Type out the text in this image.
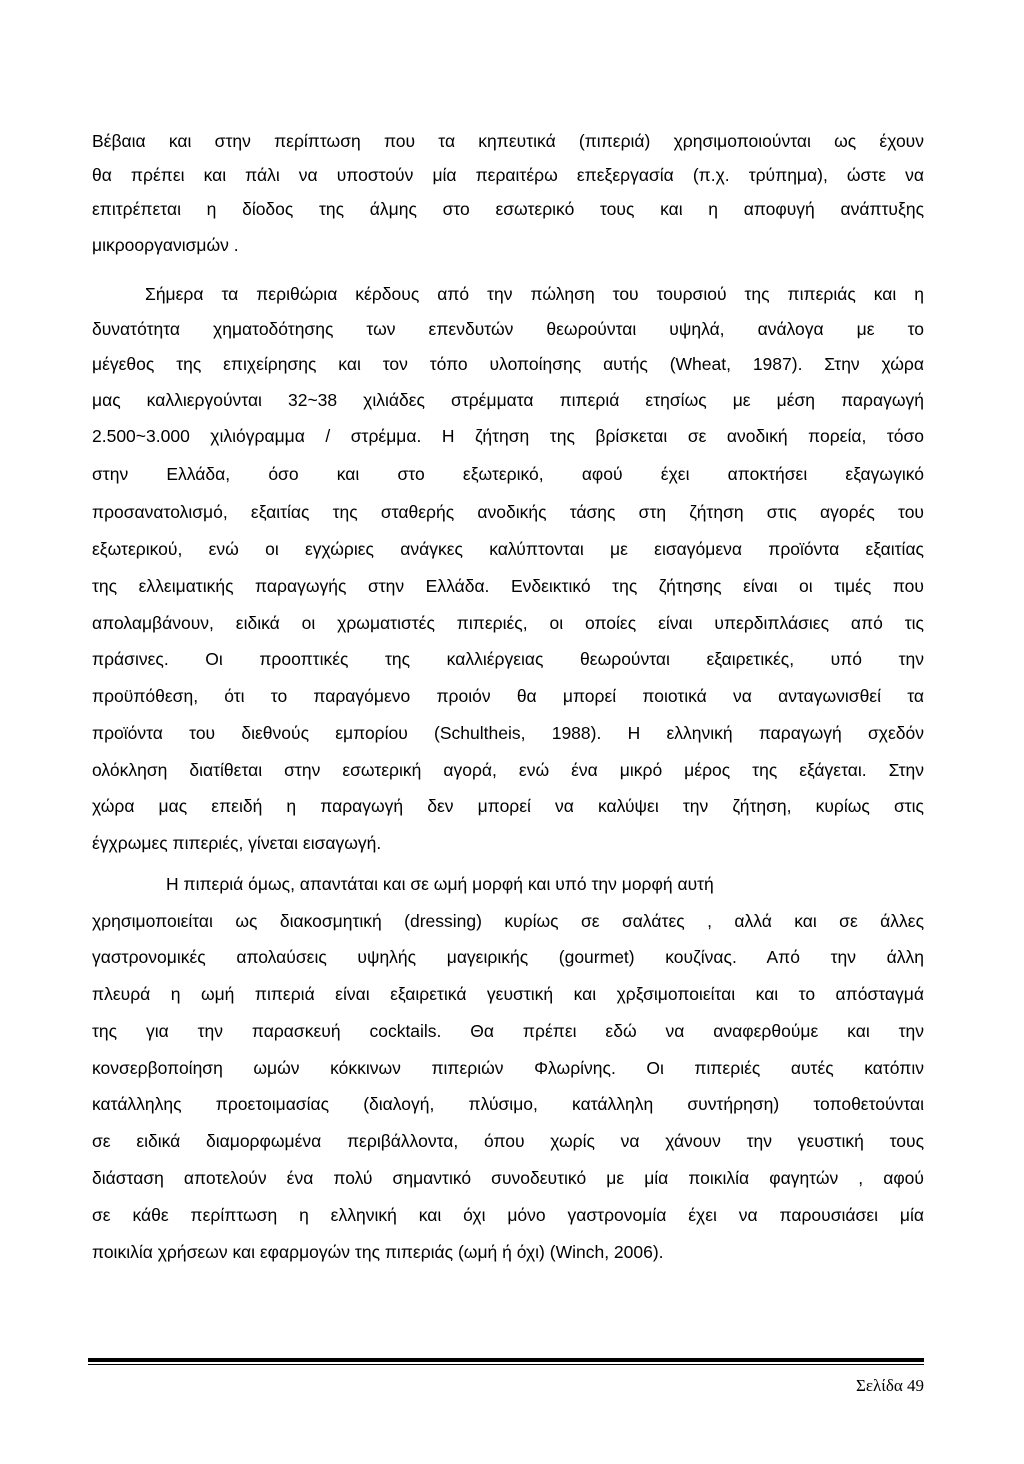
Βέβαια και στην περίπτωση που τα κηπευτικά (πιπεριά) χρησιμοποιούνται ως έχουν
θα πρέπει και πάλι να υποστούν μία περαιτέρω επεξεργασία (π.χ. τρύπημα), ώστε να
επιτρέπεται η δίοδος της άλμης στο εσωτερικό τους και η αποφυγή ανάπτυξης
μικροοργανισμών .
Σήμερα τα περιθώρια κέρδους από την πώληση του τουρσιού της πιπεριάς και η
δυνατότητα χηματοδότησης των επενδυτών θεωρούνται υψηλά, ανάλογα με το
μέγεθος της επιχείρησης και τον τόπο υλοποίησης αυτής (Wheat, 1987). Στην χώρα
μας καλλιεργούνται 32~38 χιλιάδες στρέμματα πιπεριά ετησίως με μέση παραγωγή
2.500~3.000 χιλιόγραμμα / στρέμμα. Η ζήτηση της βρίσκεται σε ανοδική πορεία, τόσο
στην Ελλάδα, όσο και στο εξωτερικό, αφού έχει αποκτήσει εξαγωγικό
προσανατολισμό, εξαιτίας της σταθερής ανοδικής τάσης στη ζήτηση στις αγορές του
εξωτερικού, ενώ οι εγχώριες ανάγκες καλύπτονται με εισαγόμενα προϊόντα εξαιτίας
της ελλειματικής παραγωγής στην Ελλάδα. Ενδεικτικό της ζήτησης είναι οι τιμές που
απολαμβάνουν, ειδικά οι χρωματιστές πιπεριές, οι οποίες είναι υπερδιπλάσιες από τις
πράσινες. Οι προοπτικές της καλλιέργειας θεωρούνται εξαιρετικές, υπό την
προϋπόθεση, ότι το παραγόμενο προιόν θα μπορεί ποιοτικά να ανταγωνισθεί τα
προϊόντα του διεθνούς εμπορίου (Schultheis, 1988). Η ελληνική παραγωγή σχεδόν
ολόκληση διατίθεται στην εσωτερική αγορά, ενώ ένα μικρό μέρος της εξάγεται. Στην
χώρα μας επειδή η παραγωγή δεν μπορεί να καλύψει την ζήτηση, κυρίως στις
έγχρωμες πιπεριές, γίνεται εισαγωγή.
Η πιπεριά όμως, απαντάται και σε ωμή μορφή και υπό την μορφή αυτή
χρησιμοποιείται ως διακοσμητική (dressing) κυρίως σε σαλάτες , αλλά και σε άλλες
γαστρονομικές απολαύσεις υψηλής μαγειρικής (gourmet) κουζίνας. Από την άλλη
πλευρά η ωμή πιπεριά είναι εξαιρετικά γευστική και χρξσιμοποιείται και το απόσταγμά
της για την παρασκευή cocktails. Θα πρέπει εδώ να αναφερθούμε και την
κονσερβοποίηση ωμών κόκκινων πιπεριών Φλωρίνης. Οι πιπεριές αυτές κατόπιν
κατάλληλης προετοιμασίας (διαλογή, πλύσιμο, κατάλληλη συντήρηση) τοποθετούνται
σε ειδικά διαμορφωμένα περιβάλλοντα, όπου χωρίς να χάνουν την γευστική τους
διάσταση αποτελούν ένα πολύ σημαντικό συνοδευτικό με μία ποικιλία φαγητών , αφού
σε κάθε περίπτωση η ελληνική και όχι μόνο γαστρονομία έχει να παρουσιάσει μία
ποικιλία χρήσεων και εφαρμογών της πιπεριάς (ωμή ή όχι) (Winch, 2006).
Σελίδα 49
